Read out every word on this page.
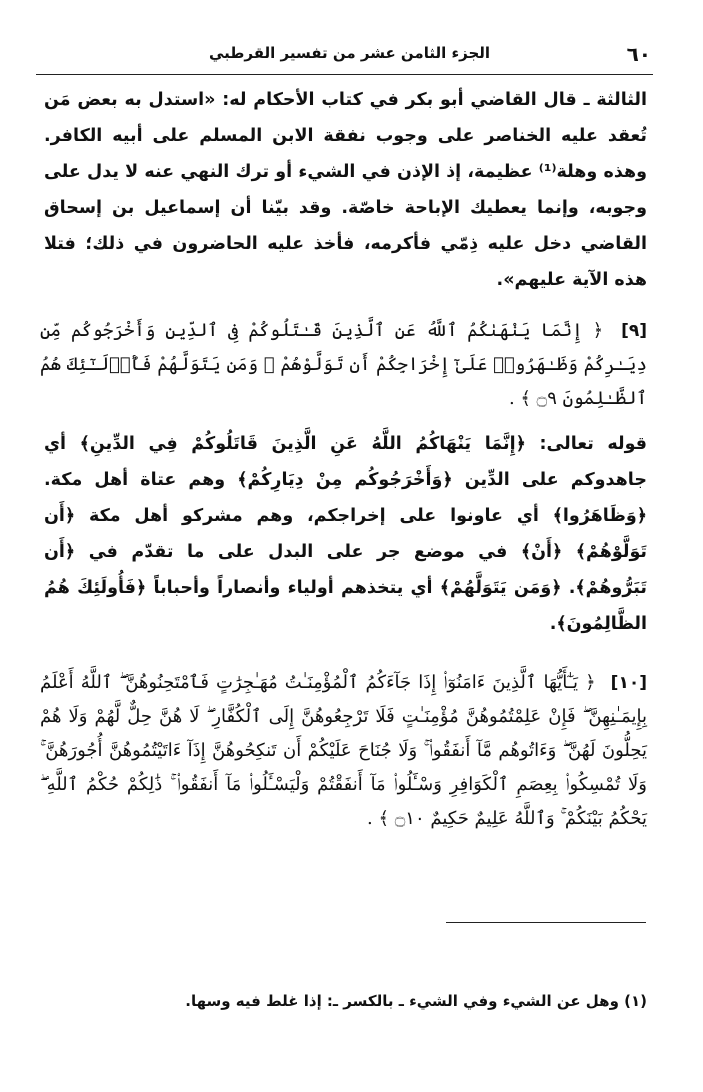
٦٠
الجزء الثامن عشر من تفسير القرطبي
الثالثة ـ قال القاضي أبو بكر في كتاب الأحكام له: «استدل به بعض مَن تُعقد عليه الخناصر على وجوب نفقة الابن المسلم على أبيه الكافر. وهذه وهلة⁽¹⁾ عظيمة، إذ الإذن في الشيء أو ترك النهي عنه لا يدل على وجوبه، وإنما يعطيك الإباحة خاصّة. وقد بيّنا أن إسماعيل بن إسحاق القاضي دخل عليه ذِمّي فأكرمه، فأخذ عليه الحاضرون في ذلك؛ فتلا هذه الآية عليهم».
[٩] ﴿ إِنَّمَا يَنْهَىٰكُمُ ٱللَّهُ عَنِ ٱلَّذِينَ قَـٰتَلُوكُمْ فِى ٱلدِّينِ وَأَخْرَجُوكُم مِّن دِيَـٰرِكُمْ وَظَـٰهَرُوا۟ عَلَىٰٓ إِخْرَاجِكُمْ أَن تَوَلَّوْهُمْ ۚ وَمَن يَتَوَلَّهُمْ فَأُو۟لَـٰٓئِكَ هُمُ ٱلظَّـٰلِمُونَ ۝٩ ﴾ .
قوله تعالى: ﴿إِنَّمَا يَنْهَاكُمُ اللَّهُ عَنِ الَّذِينَ قَاتَلُوكُمْ فِي الدِّينِ﴾ أي جاهدوكم على الدِّين ﴿وَأَخْرَجُوكُم مِنْ دِيَارِكُمْ﴾ وهم عتاة أهل مكة. ﴿وَظَاهَرُوا﴾ أي عاونوا على إخراجكم، وهم مشركو أهل مكة ﴿أَن تَوَلَّوْهُمْ﴾ ﴿أَنْ﴾ في موضع جر على البدل على ما تقدّم في ﴿أَن تَبَرُّوهُمْ﴾. ﴿وَمَن يَتَوَلَّهُمْ﴾ أي يتخذهم أولياء وأنصاراً وأحباباً ﴿فَأُولَئِكَ هُمُ الظَّالِمُونَ﴾.
[١٠] ﴿ يَـٰٓأَيُّهَا ٱلَّذِينَ ءَامَنُوٓا۟ إِذَا جَآءَكُمُ ٱلْمُؤْمِنَـٰتُ مُهَـٰجِرَٰتٍ فَٱمْتَحِنُوهُنَّ ۖ ٱللَّهُ أَعْلَمُ بِإِيمَـٰنِهِنَّ ۖ فَإِنْ عَلِمْتُمُوهُنَّ مُؤْمِنَـٰتٍ فَلَا تَرْجِعُوهُنَّ إِلَى ٱلْكُفَّارِ ۖ لَا هُنَّ حِلٌّ لَّهُمْ وَلَا هُمْ يَحِلُّونَ لَهُنَّ ۖ وَءَاتُوهُم مَّآ أَنفَقُوا۟ ۚ وَلَا جُنَاحَ عَلَيْكُمْ أَن تَنكِحُوهُنَّ إِذَآ ءَاتَيْتُمُوهُنَّ أُجُورَهُنَّ ۚ وَلَا تُمْسِكُوا۟ بِعِصَمِ ٱلْكَوَافِرِ وَسْـَٔلُوا۟ مَآ أَنفَقْتُمْ وَلْيَسْـَٔلُوا۟ مَآ أَنفَقُوا۟ ۚ ذَٰلِكُمْ حُكْمُ ٱللَّهِ ۖ يَحْكُمُ بَيْنَكُمْ ۚ وَٱللَّهُ عَلِيمٌ حَكِيمٌ ۝١٠ ﴾ .
(١) وهل عن الشيء وفي الشيء ـ بالكسر ـ: إذا غلط فيه وسها.
